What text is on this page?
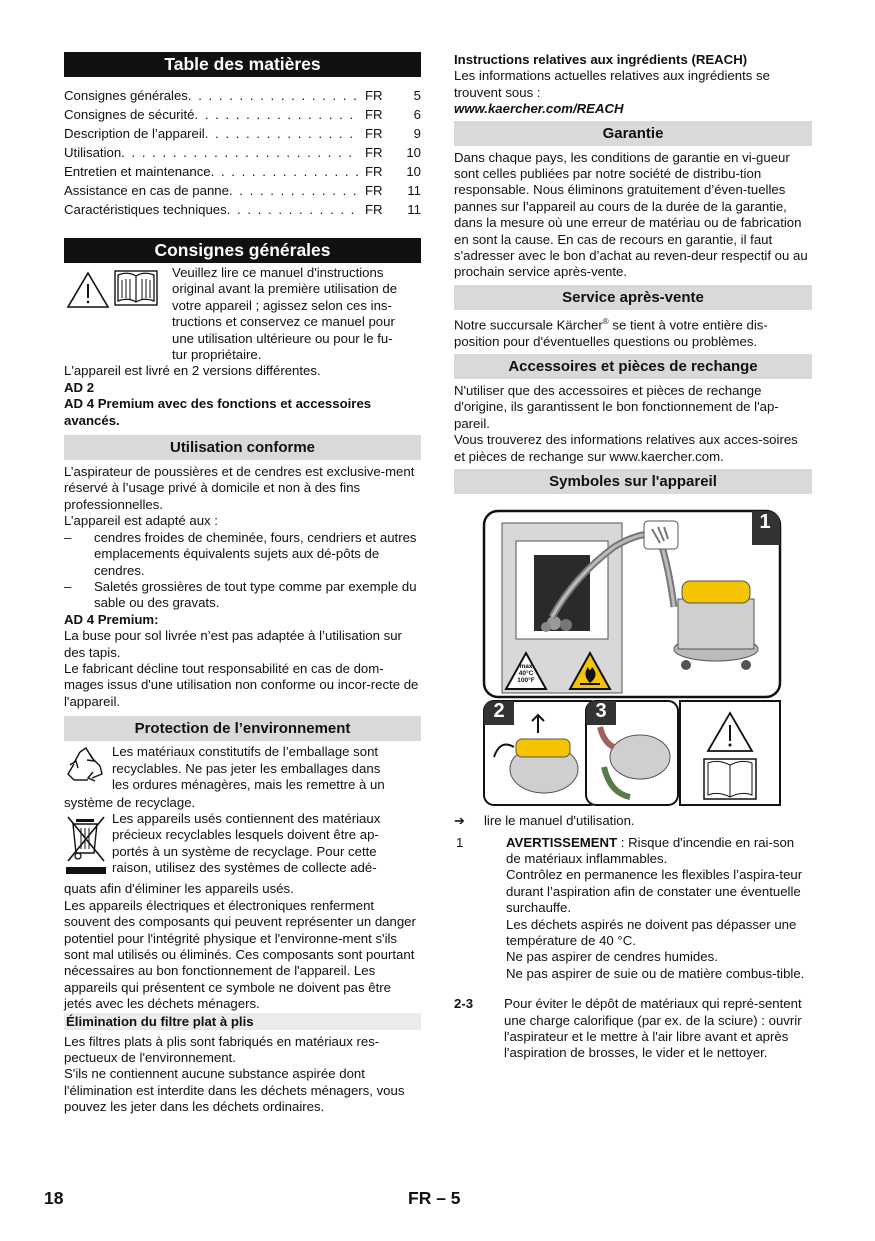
Table des matières
Consignes générales . . .	FR	5
Consignes de sécurité . . .	FR	6
Description de l’appareil . . .	FR	9
Utilisation . . .	FR	10
Entretien et maintenance . . .	FR	10
Assistance en cas de panne . . .	FR	11
Caractéristiques techniques . . .	FR	11
Consignes générales

Veuillez lire ce manuel d'instructions

original avant la première utilisation de

votre appareil ; agissez selon ces ins-

tructions et conservez ce manuel pour

une utilisation ultérieure ou pour le fu-

tur propriétaire.

L'appareil est livré en 2 versions différentes.

AD 2

AD 4 Premium avec des fonctions et accessoires avancés.

Utilisation conforme

L’aspirateur de poussières et de cendres est exclusive-ment réservé à l’usage privé à domicile et non à des fins professionnelles.

L’appareil est adapté aux :

–	cendres froides de cheminée, fours, cendriers et autres emplacements équivalents sujets aux dé-pôts de cendres.
–	Saletés grossières de tout type comme par exemple du sable ou des gravats.

AD 4 Premium:

La buse pour sol livrée n’est pas adaptée à l’utilisation sur des tapis.

Le fabricant décline tout responsabilité en cas de dom-mages issus d'une utilisation non conforme ou incor-recte de l'appareil.

Protection de l’environnement

Les matériaux constitutifs de l’emballage sont

recyclables. Ne pas jeter les emballages dans

les ordures ménagères, mais les remettre à un

système de recyclage.

Les appareils usés contiennent des matériaux

précieux recyclables lesquels doivent être ap-

portés à un système de recyclage. Pour cette

raison, utilisez des systèmes de collecte adé-

quats afin d'éliminer les appareils usés.

Les appareils électriques et électroniques renferment souvent des composants qui peuvent représenter un danger potentiel pour l'intégrité physique et l'environne-ment s'ils sont mal utilisés ou éliminés. Ces composants sont pourtant nécessaires au bon fonctionnement de l'appareil. Les appareils qui présentent ce symbole ne doivent pas être jetés avec les déchets ménagers.

Élimination du filtre plat à plis

Les filtres plats à plis sont fabriqués en matériaux res-pectueux de l'environnement.

S'ils ne contiennent aucune substance aspirée dont l'élimination est interdite dans les déchets ménagers, vous pouvez les jeter dans les déchets ordinaires.

Instructions relatives aux ingrédients (REACH)

Les informations actuelles relatives aux ingrédients se trouvent sous :

www.kaercher.com/REACH

Garantie

Dans chaque pays, les conditions de garantie en vi-gueur sont celles publiées par notre société de distribu-tion responsable. Nous éliminons gratuitement d’éven-tuelles pannes sur l’appareil au cours de la durée de la garantie, dans la mesure où une erreur de matériau ou de fabrication en sont la cause. En cas de recours en garantie, il faut s'adresser avec le bon d’achat au reven-deur respectif ou au prochain service après-vente.

Service après-vente

Notre succursale Kärcher® se tient à votre entière dis-position pour d'éventuelles questions ou problèmes.

Accessoires et pièces de rechange

N'utiliser que des accessoires et pièces de rechange d'origine, ils garantissent le bon fonctionnement de l'ap-pareil.

Vous trouverez des informations relatives aux acces-soires et pièces de rechange sur www.kaercher.com.

Symboles sur l'appareil
1
2	3
max
40°C
100°F
➔	lire le manuel d'utilisation.
1	AVERTISSEMENT : Risque d'incendie en rai-son de matériaux inflammables.

Contrôlez en permanence les flexibles l’aspira-teur durant l’aspiration afin de constater une éventuelle surchauffe.

Les déchets aspirés ne doivent pas dépasser une température de 40 °C.

Ne pas aspirer de cendres humides.

Ne pas aspirer de suie ou de matière combus-tible.

2-3	Pour éviter le dépôt de matériaux qui repré-sentent une charge calorifique (par ex. de la sciure) : ouvrir l'aspirateur et le mettre à l'air libre avant et après l'aspiration de brosses, le vider et le nettoyer.

18	FR – 5
